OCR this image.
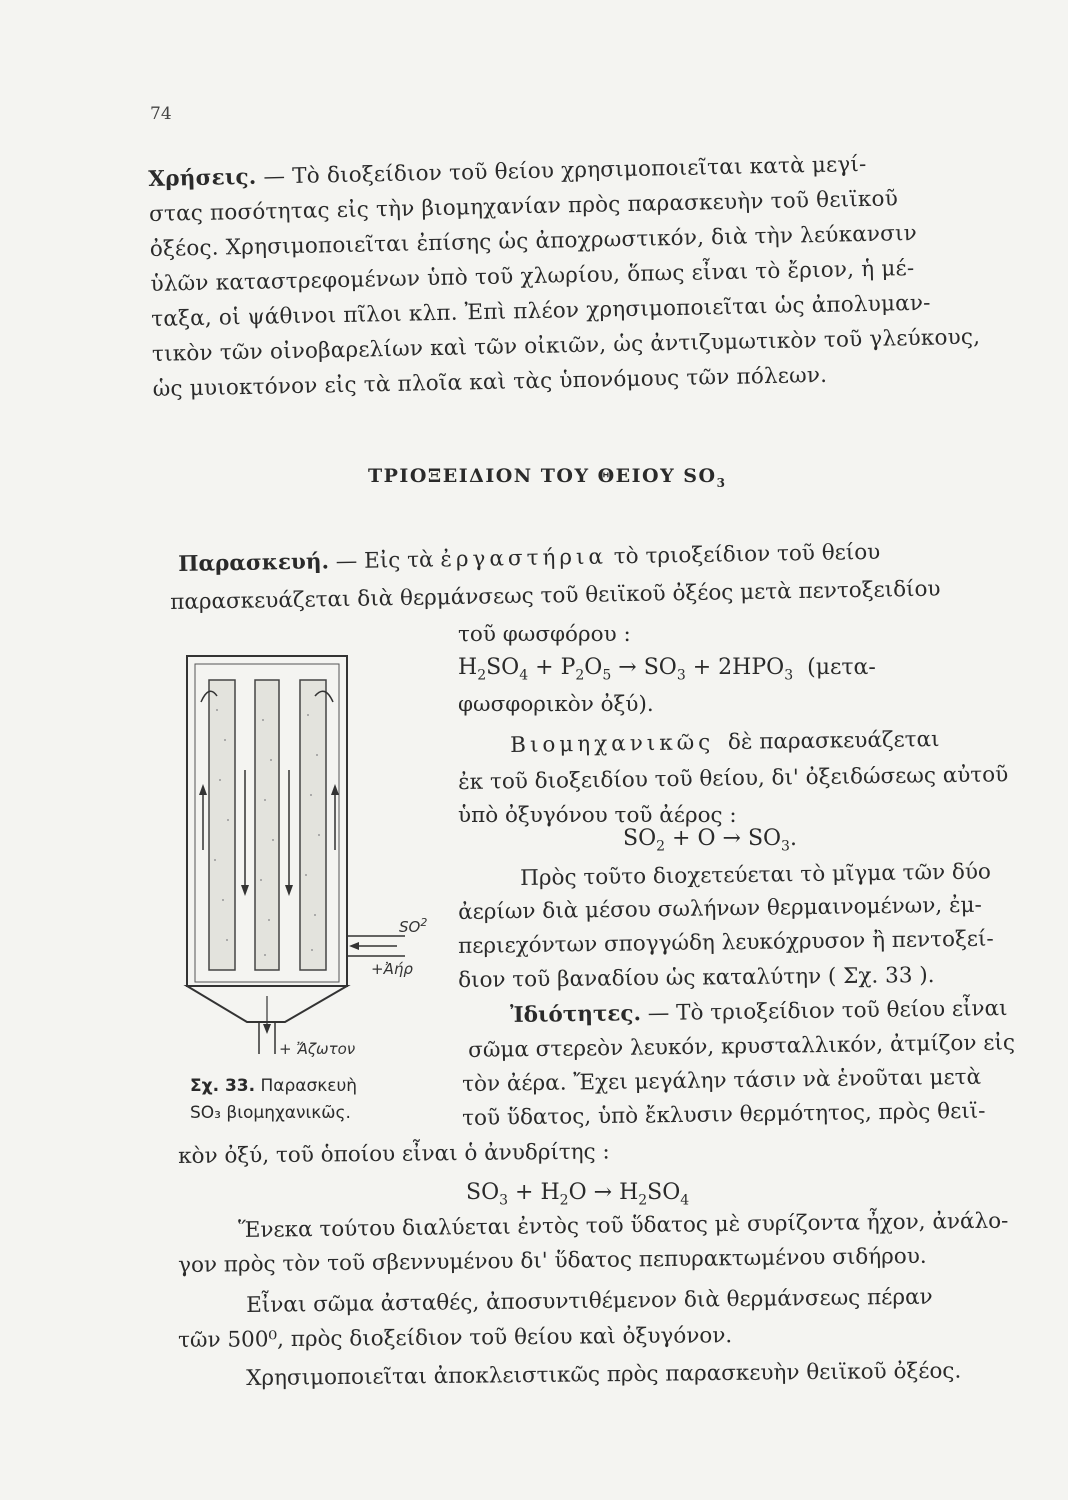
74
Χρήσεις. — Τὸ διοξείδιον τοῦ θείου χρησιμοποιεῖται κατὰ μεγί-
στας ποσότητας εἰς τὴν βιομηχανίαν πρὸς παρασκευὴν τοῦ θειϊκοῦ
ὀξέος. Χρησιμοποιεῖται ἐπίσης ὡς ἀποχρωστικόν, διὰ τὴν λεύκανσιν
ὑλῶν καταστρεφομένων ὑπὸ τοῦ χλωρίου, ὅπως εἶναι τὸ ἔριον, ἡ μέ-
ταξα, οἱ ψάθινοι πῖλοι κλπ. Ἐπὶ πλέον χρησιμοποιεῖται ὡς ἀπολυμαν-
τικὸν τῶν οἰνοβαρελίων καὶ τῶν οἰκιῶν, ὡς ἀντιζυμωτικὸν τοῦ γλεύκους,
ὡς μυιοκτόνον εἰς τὰ πλοῖα καὶ τὰς ὑπονόμους τῶν πόλεων.
ΤΡΙΟΞΕΙΔΙΟΝ ΤΟΥ ΘΕΙΟΥ $SO_3$
Παρασκευή. — Εἰς τὰ ἐργαστήρια τὸ τριοξείδιον τοῦ θείου
παρασκευάζεται διὰ θερμάνσεως τοῦ θειϊκοῦ ὀξέος μετὰ πεντοξειδίου
τοῦ φωσφόρου :
$H_2SO_4 + P_2O_5 \to SO_3 + 2HPO_3$ (μετα-
φωσφορικὸν ὀξύ).
Βιομηχανικῶς δὲ παρασκευάζεται
ἐκ τοῦ διοξειδίου τοῦ θείου, δι' ὀξειδώσεως αὐτοῦ
ὑπὸ ὀξυγόνου τοῦ ἀέρος :
$SO_2 + O \to SO_3$.
Πρὸς τοῦτο διοχετεύεται τὸ μῖγμα τῶν δύο
ἀερίων διὰ μέσου σωλήνων θερμαινομένων, ἐμ-
περιεχόντων σπογγώδη λευκόχρυσον ἢ πεντοξεί-
διον τοῦ βαναδίου ὡς καταλύτην ( Σχ. 33 ).
Ἰδιότητες. — Τὸ τριοξείδιον τοῦ θείου εἶναι
σῶμα στερεὸν λευκόν, κρυσταλλικόν, ἀτμίζον εἰς
τὸν ἀέρα. Ἔχει μεγάλην τάσιν νὰ ἑνοῦται μετὰ
τοῦ ὕδατος, ὑπὸ ἔκλυσιν θερμότητος, πρὸς θειϊ-
κὸν ὀξύ, τοῦ ὁποίου εἶναι ὁ ἀνυδρίτης :
$SO_3 + H_2O \to H_2SO_4$
Ἕνεκα τούτου διαλύεται ἐντὸς τοῦ ὕδατος μὲ συρίζοντα ἦχον, ἀνάλο-
γον πρὸς τὸν τοῦ σβεννυμένου δι' ὕδατος πεπυρακτωμένου σιδήρου.
Εἶναι σῶμα ἀσταθές, ἀποσυντιθέμενον διὰ θερμάνσεως πέραν
τῶν 500⁰, πρὸς διοξείδιον τοῦ θείου καὶ ὀξυγόνον.
Χρησιμοποιεῖται ἀποκλειστικῶς πρὸς παρασκευὴν θειϊκοῦ ὀξέος.
$SO^2$
+Ἀήρ
+ Ἄζωτον
Σχ. 33. Παρασκευὴ
SO₃ βιομηχανικῶς.
